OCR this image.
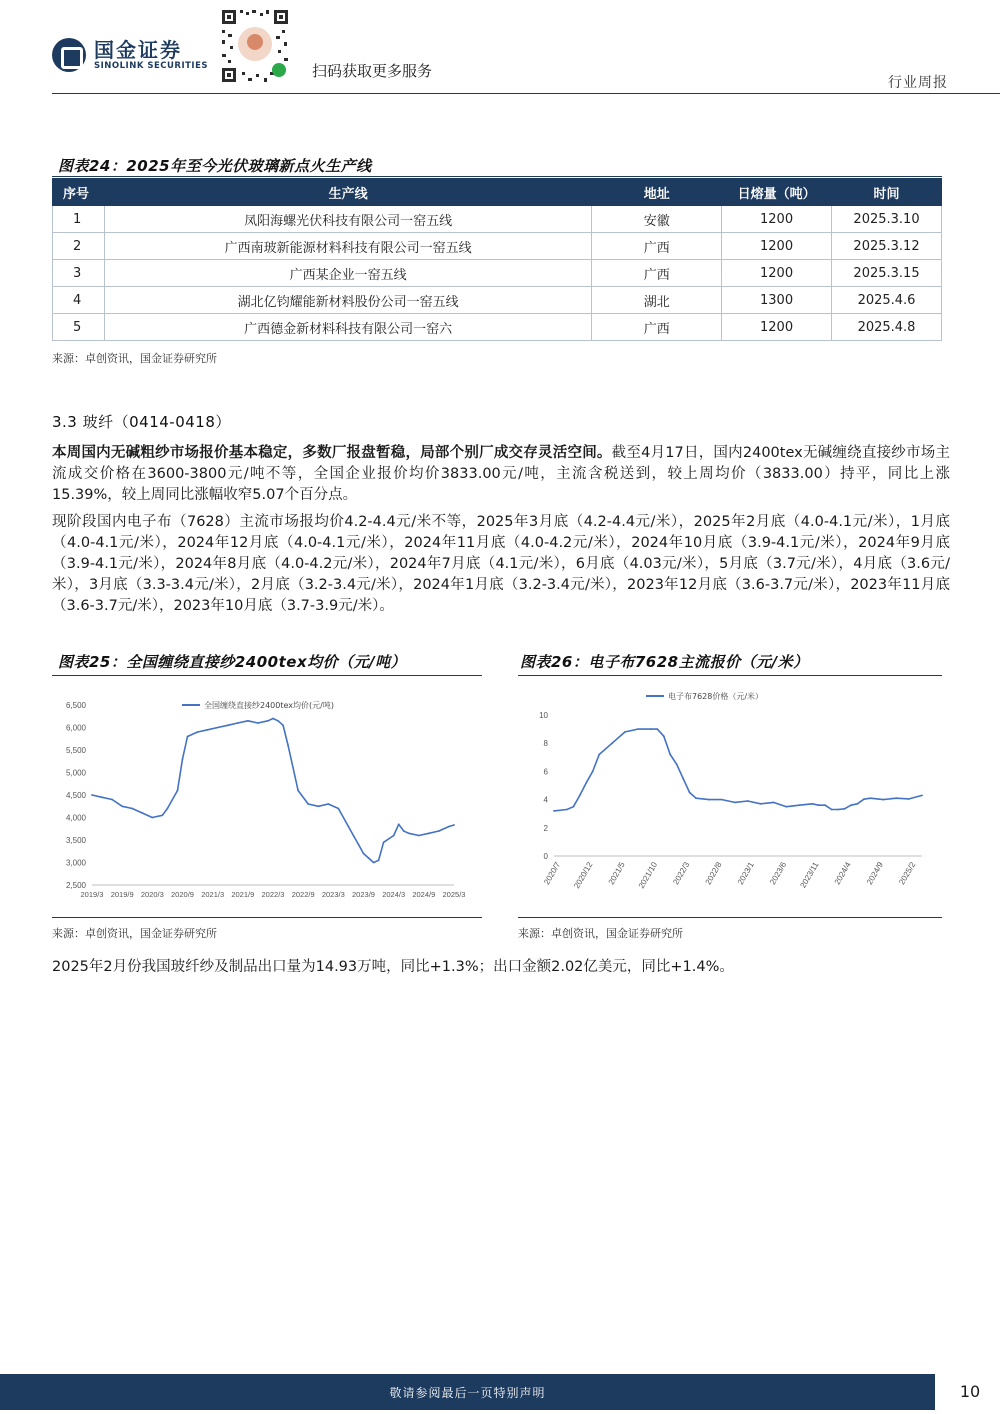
国金证券
SINOLINK SECURITIES	扫码获取更多服务
行业周报
图表24：2025年至今光伏玻璃新点火生产线
序号	生产线	地址	日熔量（吨）	时间
1	凤阳海螺光伏科技有限公司一窑五线	安徽	1200	2025.3.10
2	广西南玻新能源材料科技有限公司一窑五线	广西	1200	2025.3.12
3	广西某企业一窑五线	广西	1200	2025.3.15
4	湖北亿钧耀能新材料股份公司一窑五线	湖北	1300	2025.4.6
5	广西德金新材料科技有限公司一窑六	广西	1200	2025.4.8
来源：卓创资讯，国金证券研究所
3.3 玻纤（0414-0418）
本周国内无碱粗纱市场报价基本稳定，多数厂报盘暂稳，局部个别厂成交存灵活空间。截至4月17日，国内2400tex无碱缠绕直接纱市场主流成交价格在3600-3800元/吨不等，全国企业报价均价3833.00元/吨，主流含税送到，较上周均价（3833.00）持平，同比上涨15.39%，较上周同比涨幅收窄5.07个百分点。
现阶段国内电子布（7628）主流市场报均价4.2-4.4元/米不等，2025年3月底（4.2-4.4元/米），2025年2月底（4.0-4.1元/米），1月底（4.0-4.1元/米），2024年12月底（4.0-4.1元/米），2024年11月底（4.0-4.2元/米），2024年10月底（3.9-4.1元/米），2024年9月底（3.9-4.1元/米），2024年8月底（4.0-4.2元/米），2024年7月底（4.1元/米），6月底（4.03元/米），5月底（3.7元/米），4月底（3.6元/米），3月底（3.3-3.4元/米），2月底（3.2-3.4元/米），2024年1月底（3.2-3.4元/米），2023年12月底（3.6-3.7元/米），2023年11月底（3.6-3.7元/米），2023年10月底（3.7-3.9元/米）。
图表25：全国缠绕直接纱2400tex均价（元/吨）	图表26：电子布7628主流报价（元/米）
2,500
3,000
3,500
4,000
4,500
5,000
5,500
6,000
6,500
2019/3 2019/9 2020/3 2020/9 2021/3 2021/9 2022/3 2022/9 2023/3 2023/9 2024/3 2024/9 2025/3
全国缠绕直接纱2400tex均价(元/吨)
0
2
4
6
8
10
2020/7 2020/12 2021/5 2021/10 2022/3 2022/8 2023/1 2023/6 2023/11 2024/4 2024/9 2025/2
电子布7628价格（元/米）
来源：卓创资讯，国金证券研究所	来源：卓创资讯，国金证券研究所
2025年2月份我国玻纤纱及制品出口量为14.93万吨，同比+1.3%；出口金额2.02亿美元，同比+1.4%。
敬请参阅最后一页特别声明	10
